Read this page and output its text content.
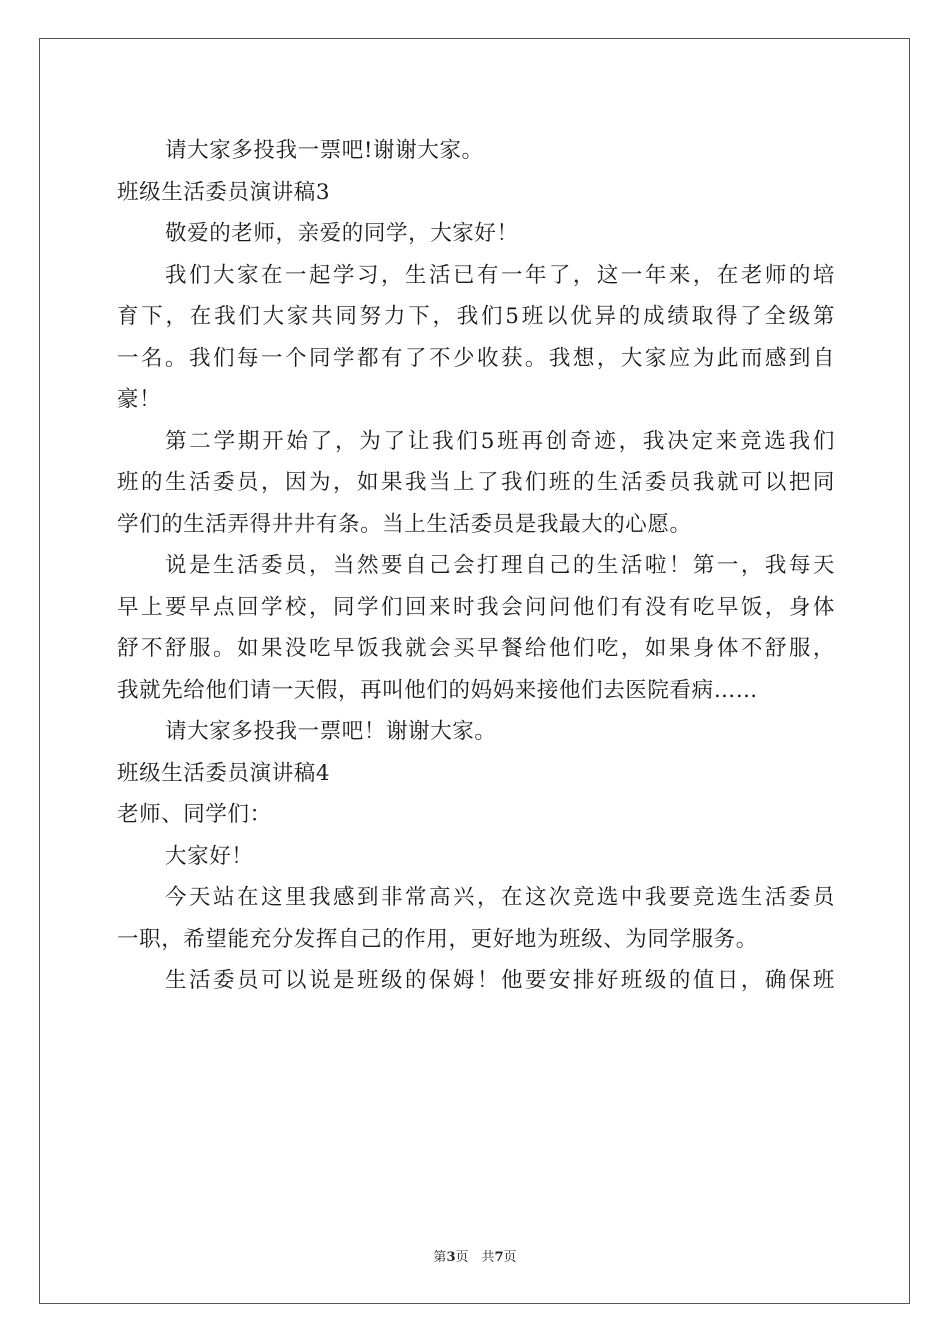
请大家多投我一票吧!谢谢大家。
班级生活委员演讲稿3
敬爱的老师，亲爱的同学，大家好！
我们大家在一起学习，生活已有一年了，这一年来，在老师的培
育下，在我们大家共同努力下，我们5班以优异的成绩取得了全级第
一名。我们每一个同学都有了不少收获。我想，大家应为此而感到自
豪！
第二学期开始了，为了让我们5班再创奇迹，我决定来竞选我们
班的生活委员，因为，如果我当上了我们班的生活委员我就可以把同
学们的生活弄得井井有条。当上生活委员是我最大的心愿。
说是生活委员，当然要自己会打理自己的生活啦！第一，我每天
早上要早点回学校，同学们回来时我会问问他们有没有吃早饭，身体
舒不舒服。如果没吃早饭我就会买早餐给他们吃，如果身体不舒服，
我就先给他们请一天假，再叫他们的妈妈来接他们去医院看病……
请大家多投我一票吧！谢谢大家。
班级生活委员演讲稿4
老师、同学们：
大家好！
今天站在这里我感到非常高兴，在这次竞选中我要竞选生活委员
一职，希望能充分发挥自己的作用，更好地为班级、为同学服务。
生活委员可以说是班级的保姆！他要安排好班级的值日，确保班
第3页　共7页
